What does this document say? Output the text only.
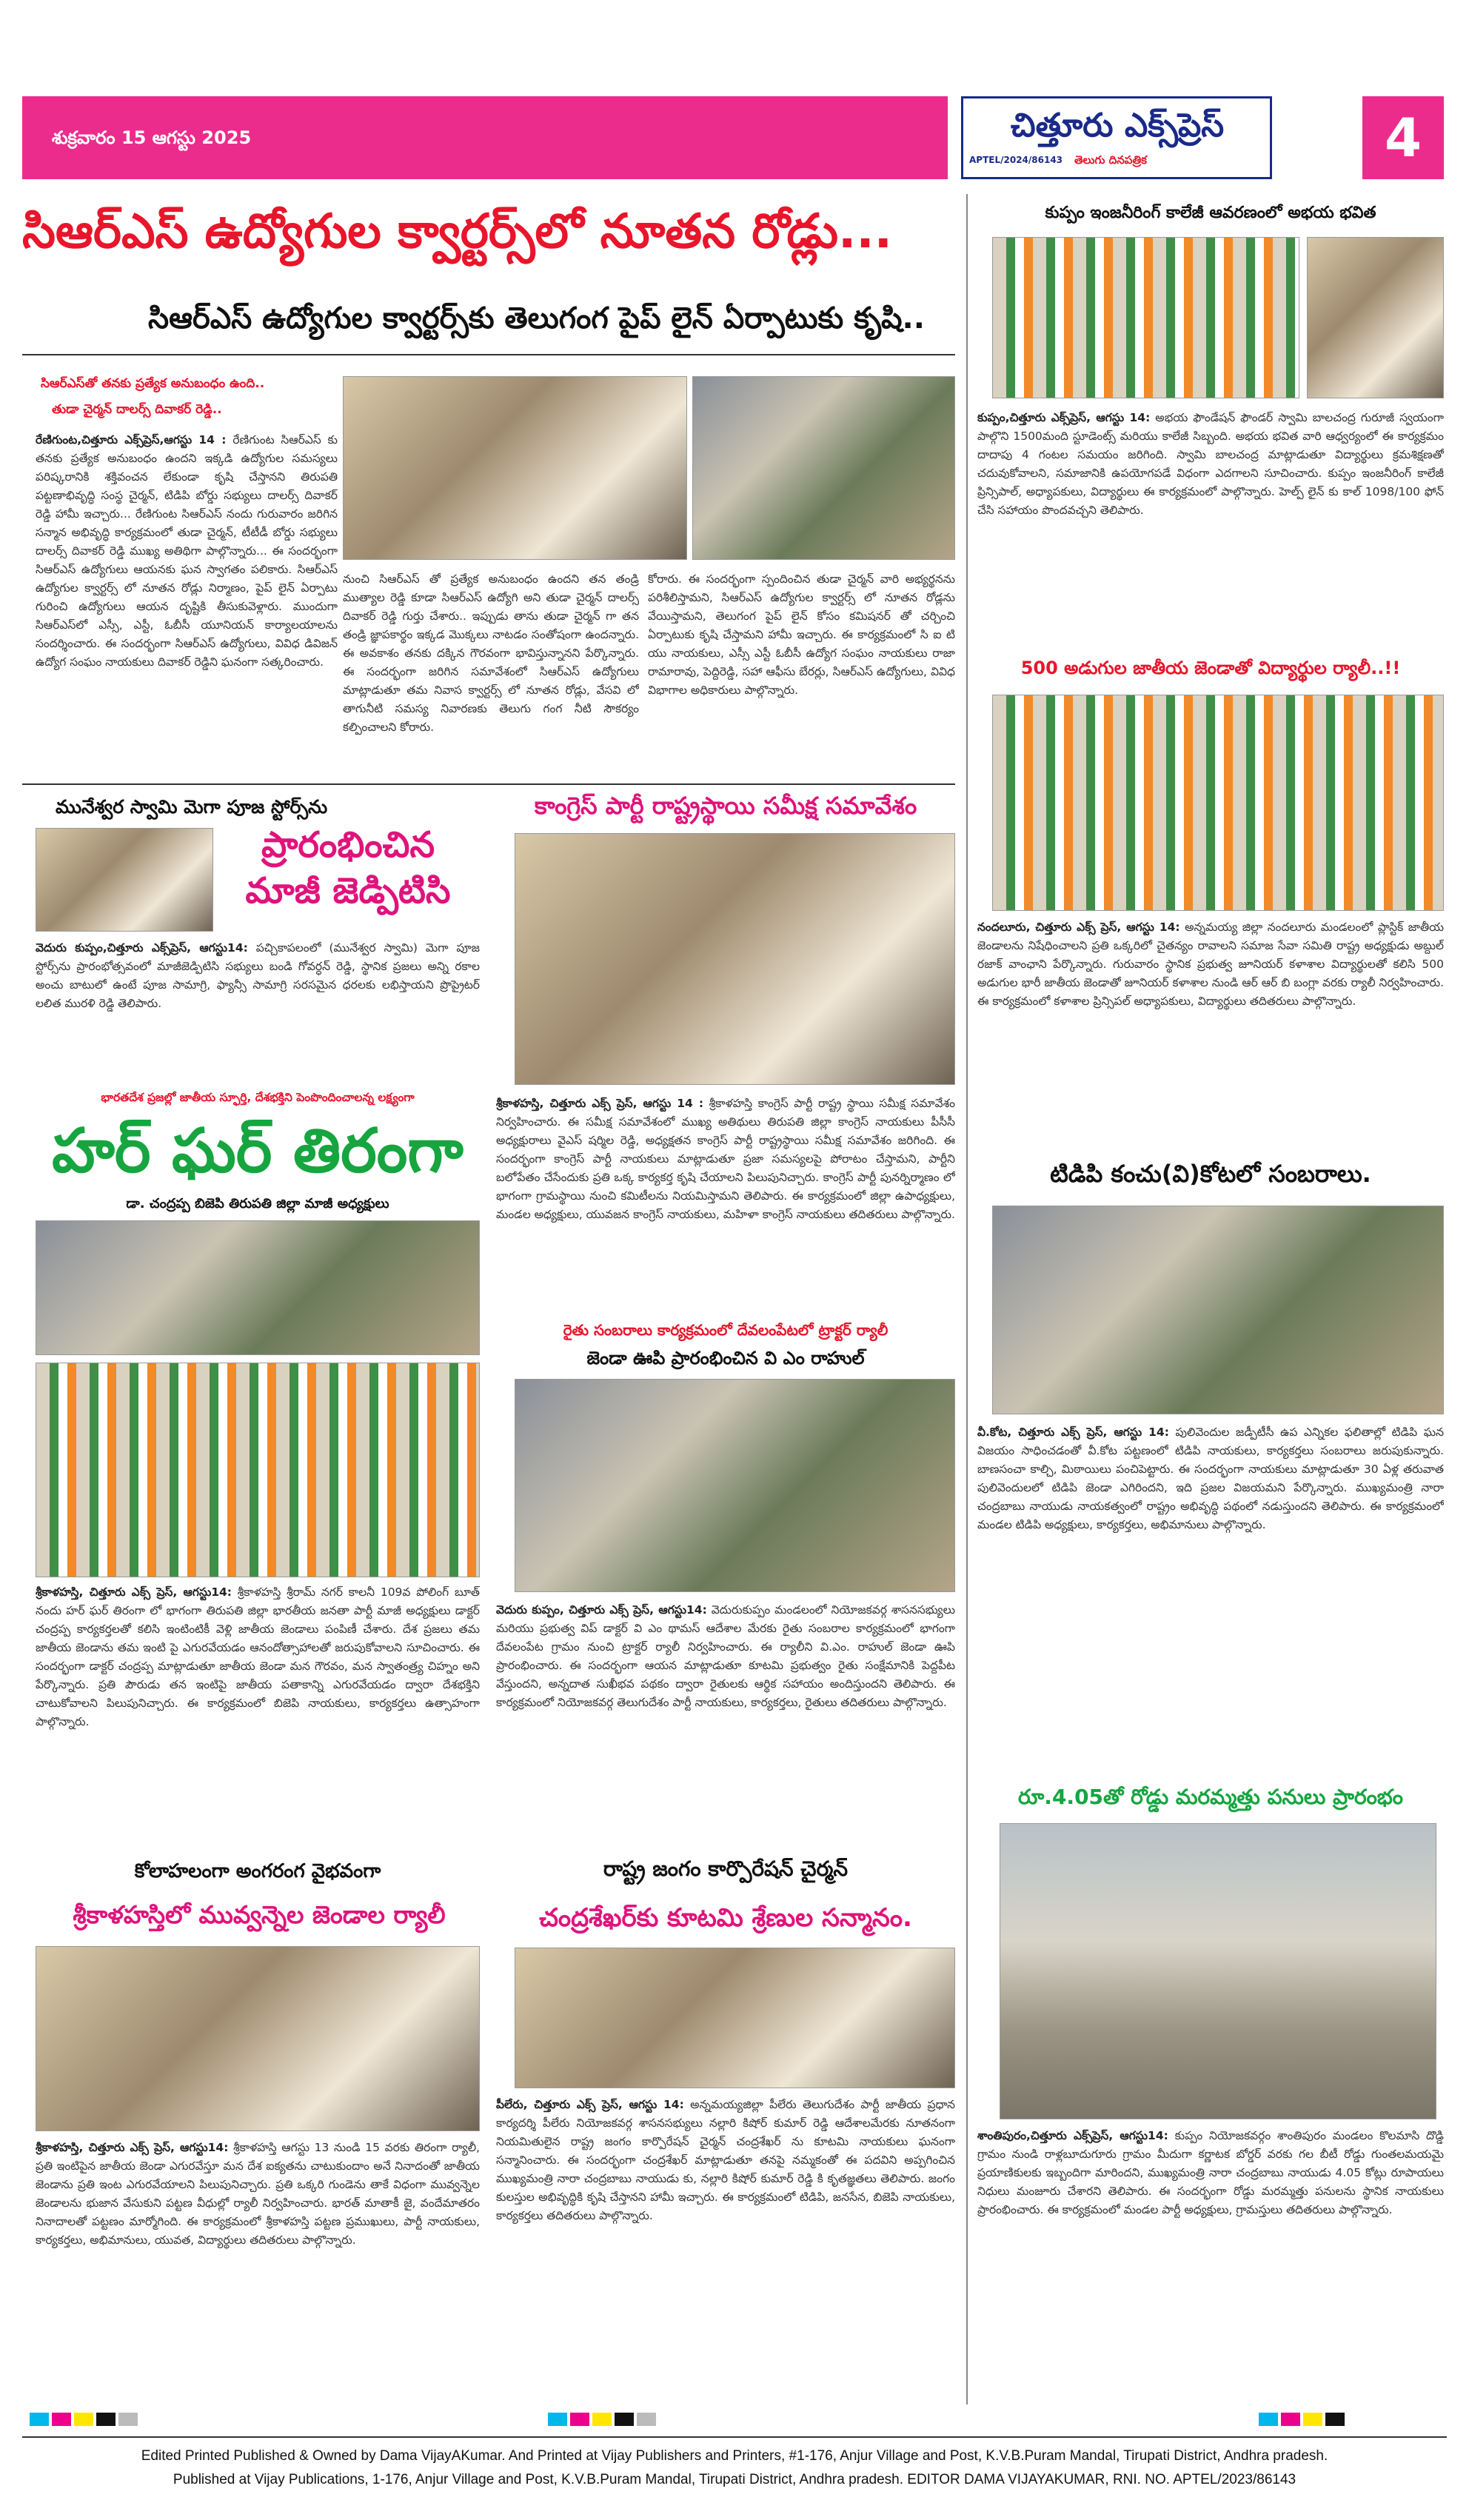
శుక్రవారం 15 ఆగస్టు 2025	చిత్తూరు ఎక్స్‌ప్రెస్
APTEL/2024/86143 తెలుగు దినపత్రిక	4
సిఆర్ఎస్ ఉద్యోగుల క్వార్టర్స్‌లో నూతన రోడ్లు...
సిఆర్ఎస్ ఉద్యోగుల క్వార్టర్స్‌కు తెలుగంగ పైప్ లైన్ ఏర్పాటుకు కృషి..
సిఆర్ఎస్‌తో తనకు ప్రత్యేక అనుబంధం ఉంది..
తుడా చైర్మన్ దాలర్స్ దివాకర్ రెడ్డి..
రేణిగుంట,చిత్తూరు ఎక్స్‌ప్రెస్,ఆగస్టు 14 : రేణిగుంట సిఆర్ఎస్ కు తనకు ప్రత్యేక అనుబంధం ఉందని ఇక్కడి ఉద్యోగుల సమస్యలు పరిష్కరానికి శక్తివంచన లేకుండా కృషి చేస్తానని తిరుపతి పట్టణాభివృద్ధి సంస్థ చైర్మన్, టిడిపి బోర్డు సభ్యులు దాలర్స్ దివాకర్ రెడ్డి హామీ ఇచ్చారు... రేణిగుంట సిఆర్ఎస్ నందు గురువారం జరిగిన సన్మాన అభివృద్ధి కార్యక్రమంలో తుడా చైర్మన్, టీటీడీ బోర్డు సభ్యులు దాలర్స్ దివాకర్ రెడ్డి ముఖ్య అతిథిగా పాల్గొన్నారు... ఈ సందర్భంగా సిఆర్ఎస్ ఉద్యోగులు ఆయనకు ఘన స్వాగతం పలికారు. సిఆర్ఎస్ ఉద్యోగుల క్వార్టర్స్ లో నూతన రోడ్లు నిర్మాణం, పైప్ లైన్ ఏర్పాటు గురించి ఉద్యోగులు ఆయన దృష్టికి తీసుకువెళ్లారు. ముందుగా సిఆర్ఎస్‌లో ఎస్సీ, ఎస్టీ, ఓబీసీ యూనియన్ కార్యాలయాలను సందర్శించారు. ఈ సందర్భంగా సిఆర్ఎస్ ఉద్యోగులు, వివిధ డివిజన్ ఉద్యోగ సంఘం నాయకులు దివాకర్ రెడ్డిని ఘనంగా సత్కరించారు.
నుంచి సిఆర్ఎస్ తో ప్రత్యేక అనుబంధం ఉందని తన తండ్రి ముత్యాల రెడ్డి కూడా సిఆర్ఎస్ ఉద్యోగి అని తుడా చైర్మన్ దాలర్స్ దివాకర్ రెడ్డి గుర్తు చేశారు.. ఇప్పుడు తాను తుడా చైర్మన్ గా తన తండ్రి జ్ఞాపకార్థం ఇక్కడ మొక్కలు నాటడం సంతోషంగా ఉందన్నారు. ఈ అవకాశం తనకు దక్కిన గౌరవంగా భావిస్తున్నానని పేర్కొన్నారు. ఈ సందర్భంగా జరిగిన సమావేశంలో సిఆర్ఎస్ ఉద్యోగులు మాట్లాడుతూ తమ నివాస క్వార్టర్స్ లో నూతన రోడ్లు, వేసవి లో తాగునీటి సమస్య నివారణకు తెలుగు గంగ నీటి సౌకర్యం కల్పించాలని కోరారు.
కోరారు. ఈ సందర్భంగా స్పందించిన తుడా చైర్మన్ వారి అభ్యర్థనను పరిశీలిస్తామని, సిఆర్ఎస్ ఉద్యోగుల క్వార్టర్స్ లో నూతన రోడ్లను వేయిస్తామని, తెలుగంగ పైప్ లైన్ కోసం కమిషనర్ తో చర్చించి ఏర్పాటుకు కృషి చేస్తామని హామీ ఇచ్చారు. ఈ కార్యక్రమంలో సి ఐ టి యు నాయకులు, ఎస్సీ ఎస్టీ ఓబీసీ ఉద్యోగ సంఘం నాయకులు రాజా రామారావు, పెద్దిరెడ్డి, సహా ఆఫీసు బేరర్లు, సిఆర్ఎస్ ఉద్యోగులు, వివిధ విభాగాల అధికారులు పాల్గొన్నారు.
మునేశ్వర స్వామి మెగా పూజ స్టోర్స్‌ను
ప్రారంభించిన మాజీ జెడ్పిటిసి
వెదురు కుప్పం,చిత్తూరు ఎక్స్‌ప్రెస్, ఆగస్టు14: పచ్చికాపలంలో (మునేశ్వర స్వామి) మెగా పూజ స్టోర్స్‌ను ప్రారంభోత్సవంలో మాజీజెడ్పిటిసి సభ్యులు బండి గోవర్ధన్ రెడ్డి, స్థానిక ప్రజలు అన్ని రకాల అంచు బాటులో ఉంటే పూజ సామాగ్రి, ఫ్యాన్సీ సామాగ్రి సరసమైన ధరలకు లభిస్తాయని ప్రొప్రైటర్ లలిత మురళి రెడ్డి తెలిపారు.
భారతదేశ ప్రజల్లో జాతీయ స్ఫూర్తి, దేశభక్తిని పెంపొందించాలన్న లక్ష్యంగా
హర్ ఘర్ తిరంగా
డా. చంద్రప్ప బిజెపి తిరుపతి జిల్లా మాజీ అధ్యక్షులు
శ్రీకాళహస్తి, చిత్తూరు ఎక్స్ ప్రెస్, ఆగస్టు14: శ్రీకాళహస్తి శ్రీరామ్ నగర్ కాలనీ 109వ పోలింగ్ బూత్ నందు హర్ ఘర్ తిరంగా లో భాగంగా తిరుపతి జిల్లా భారతీయ జనతా పార్టీ మాజీ అధ్యక్షులు డాక్టర్ చంద్రప్ప కార్యకర్తలతో కలిసి ఇంటింటికీ వెళ్లి జాతీయ జెండాలు పంపిణీ చేశారు. దేశ ప్రజలు తమ జాతీయ జెండాను తమ ఇంటి పై ఎగురవేయడం ఆనందోత్సాహాలతో జరుపుకోవాలని సూచించారు. ఈ సందర్భంగా డాక్టర్ చంద్రప్ప మాట్లాడుతూ జాతీయ జెండా మన గౌరవం, మన స్వాతంత్ర్య చిహ్నం అని పేర్కొన్నారు. ప్రతి పౌరుడు తన ఇంటిపై జాతీయ పతాకాన్ని ఎగురవేయడం ద్వారా దేశభక్తిని చాటుకోవాలని పిలుపునిచ్చారు. ఈ కార్యక్రమంలో బిజెపి నాయకులు, కార్యకర్తలు ఉత్సాహంగా పాల్గొన్నారు.
కోలాహలంగా అంగరంగ వైభవంగా
శ్రీకాళహస్తిలో మువ్వన్నెల జెండాల ర్యాలీ
శ్రీకాళహస్తి, చిత్తూరు ఎక్స్ ప్రెస్, ఆగస్టు14: శ్రీకాళహస్తి ఆగస్టు 13 నుండి 15 వరకు తిరంగా ర్యాలీ, ప్రతి ఇంటిపైన జాతీయ జెండా ఎగురవేస్తూ మన దేశ ఐక్యతను చాటుకుందాం అనే నినాదంతో జాతీయ జెండాను ప్రతి ఇంట ఎగురవేయాలని పిలుపునిచ్చారు. ప్రతి ఒక్కరి గుండెను తాకే విధంగా మువ్వన్నెల జెండాలను భుజాన వేసుకుని పట్టణ వీధుల్లో ర్యాలీ నిర్వహించారు. భారత్ మాతాకీ జై, వందేమాతరం నినాదాలతో పట్టణం మార్మోగింది. ఈ కార్యక్రమంలో శ్రీకాళహస్తి పట్టణ ప్రముఖులు, పార్టీ నాయకులు, కార్యకర్తలు, అభిమానులు, యువత, విద్యార్థులు తదితరులు పాల్గొన్నారు.
కాంగ్రెస్ పార్టీ రాష్ట్రస్థాయి సమీక్ష సమావేశం
శ్రీకాళహస్తి, చిత్తూరు ఎక్స్ ప్రెస్, ఆగస్టు 14 : శ్రీకాళహస్తి కాంగ్రెస్ పార్టీ రాష్ట్ర స్థాయి సమీక్ష సమావేశం నిర్వహించారు. ఈ సమీక్ష సమావేశంలో ముఖ్య అతిథులు తిరుపతి జిల్లా కాంగ్రెస్ నాయకులు పీసీసీ అధ్యక్షురాలు వైఎస్ షర్మిల రెడ్డి, అధ్యక్షతన కాంగ్రెస్ పార్టీ రాష్ట్రస్థాయి సమీక్ష సమావేశం జరిగింది. ఈ సందర్భంగా కాంగ్రెస్ పార్టీ నాయకులు మాట్లాడుతూ ప్రజా సమస్యలపై పోరాటం చేస్తామని, పార్టీని బలోపేతం చేసేందుకు ప్రతి ఒక్క కార్యకర్త కృషి చేయాలని పిలుపునిచ్చారు. కాంగ్రెస్ పార్టీ పునర్నిర్మాణం లో భాగంగా గ్రామస్థాయి నుంచి కమిటీలను నియమిస్తామని తెలిపారు. ఈ కార్యక్రమంలో జిల్లా ఉపాధ్యక్షులు, మండల అధ్యక్షులు, యువజన కాంగ్రెస్ నాయకులు, మహిళా కాంగ్రెస్ నాయకులు తదితరులు పాల్గొన్నారు.
రైతు సంబరాలు కార్యక్రమంలో దేవలంపేటలో ట్రాక్టర్ ర్యాలీ
జెండా ఊపి ప్రారంభించిన వి ఎం రాహుల్
వెదురు కుప్పం, చిత్తూరు ఎక్స్ ప్రెస్, ఆగస్టు14: వెదురుకుప్పం మండలంలో నియోజకవర్గ శాసనసభ్యులు మరియు ప్రభుత్వ విప్ డాక్టర్ వి ఎం థామస్ ఆదేశాల మేరకు రైతు సంబరాల కార్యక్రమంలో భాగంగా దేవలంపేట గ్రామం నుంచి ట్రాక్టర్ ర్యాలీ నిర్వహించారు. ఈ ర్యాలీని వి.ఎం. రాహుల్ జెండా ఊపి ప్రారంభించారు. ఈ సందర్భంగా ఆయన మాట్లాడుతూ కూటమి ప్రభుత్వం రైతు సంక్షేమానికి పెద్దపీట వేస్తుందని, అన్నదాత సుఖీభవ పథకం ద్వారా రైతులకు ఆర్థిక సహాయం అందిస్తుందని తెలిపారు. ఈ కార్యక్రమంలో నియోజకవర్గ తెలుగుదేశం పార్టీ నాయకులు, కార్యకర్తలు, రైతులు తదితరులు పాల్గొన్నారు.
రాష్ట్ర జంగం కార్పొరేషన్ చైర్మన్
చంద్రశేఖర్‌కు కూటమి శ్రేణుల సన్మానం.
పీలేరు, చిత్తూరు ఎక్స్ ప్రెస్, ఆగస్టు 14: అన్నమయ్యజిల్లా పీలేరు తెలుగుదేశం పార్టీ జాతీయ ప్రధాన కార్యదర్శి పీలేరు నియోజకవర్గ శాసనసభ్యులు నల్లారి కిషోర్ కుమార్ రెడ్డి ఆదేశాలమేరకు నూతనంగా నియమితులైన రాష్ట్ర జంగం కార్పొరేషన్ చైర్మన్ చంద్రశేఖర్ ను కూటమి నాయకులు ఘనంగా సన్మానించారు. ఈ సందర్భంగా చంద్రశేఖర్ మాట్లాడుతూ తనపై నమ్మకంతో ఈ పదవిని అప్పగించిన ముఖ్యమంత్రి నారా చంద్రబాబు నాయుడు కు, నల్లారి కిషోర్ కుమార్ రెడ్డి కి కృతజ్ఞతలు తెలిపారు. జంగం కులస్తుల అభివృద్ధికి కృషి చేస్తానని హామీ ఇచ్చారు. ఈ కార్యక్రమంలో టిడిపి, జనసేన, బిజెపి నాయకులు, కార్యకర్తలు తదితరులు పాల్గొన్నారు.
కుప్పం ఇంజనీరింగ్ కాలేజీ ఆవరణంలో అభయ భవిత
కుప్పం,చిత్తూరు ఎక్స్‌ప్రెస్, ఆగస్టు 14: అభయ ఫౌండేషన్ ఫౌండర్ స్వామి బాలచంద్ర గురూజీ స్వయంగా పాల్గొని 1500మంది స్టూడెంట్స్ మరియు కాలేజీ సిబ్బంది. అభయ భవిత వారి ఆధ్వర్యంలో ఈ కార్యక్రమం దాదాపు 4 గంటల సమయం జరిగింది. స్వామి బాలచంద్ర మాట్లాడుతూ విద్యార్థులు క్రమశిక్షణతో చదువుకోవాలని, సమాజానికి ఉపయోగపడే విధంగా ఎదగాలని సూచించారు. కుప్పం ఇంజనీరింగ్ కాలేజీ ప్రిన్సిపాల్, అధ్యాపకులు, విద్యార్థులు ఈ కార్యక్రమంలో పాల్గొన్నారు. హెల్ప్ లైన్ కు కాల్ 1098/100 ఫోన్ చేసి సహాయం పొందవచ్చని తెలిపారు.
500 అడుగుల జాతీయ జెండాతో విద్యార్థుల ర్యాలీ..!!
నందలూరు, చిత్తూరు ఎక్స్ ప్రెస్, ఆగస్టు 14: అన్నమయ్య జిల్లా నందలూరు మండలంలో ప్లాస్టిక్ జాతీయ జెండాలను నిషేధించాలని ప్రతి ఒక్కరిలో చైతన్యం రావాలని సమాజ సేవా సమితి రాష్ట్ర అధ్యక్షుడు అబ్దుల్ రజాక్ వాంఛాని పేర్కొన్నారు. గురువారం స్థానిక ప్రభుత్వ జూనియర్ కళాశాల విద్యార్థులతో కలిసి 500 అడుగుల భారీ జాతీయ జెండాతో జూనియర్ కళాశాల నుండి ఆర్ ఆర్ బి బంగ్లా వరకు ర్యాలీ నిర్వహించారు. ఈ కార్యక్రమంలో కళాశాల ప్రిన్సిపల్ అధ్యాపకులు, విద్యార్థులు తదితరులు పాల్గొన్నారు.
టిడిపి కంచు(వి)కోటలో సంబరాలు.
వీ.కోట, చిత్తూరు ఎక్స్ ప్రెస్, ఆగస్టు 14: పులివెందుల జడ్పీటీసీ ఉప ఎన్నికల ఫలితాల్లో టిడిపి ఘన విజయం సాధించడంతో వీ.కోట పట్టణంలో టిడిపి నాయకులు, కార్యకర్తలు సంబరాలు జరుపుకున్నారు. బాణసంచా కాల్చి, మిఠాయిలు పంచిపెట్టారు. ఈ సందర్భంగా నాయకులు మాట్లాడుతూ 30 ఏళ్ల తరువాత పులివెందులలో టిడిపి జెండా ఎగిరిందని, ఇది ప్రజల విజయమని పేర్కొన్నారు. ముఖ్యమంత్రి నారా చంద్రబాబు నాయుడు నాయకత్వంలో రాష్ట్రం అభివృద్ధి పథంలో నడుస్తుందని తెలిపారు. ఈ కార్యక్రమంలో మండల టిడిపి అధ్యక్షులు, కార్యకర్తలు, అభిమానులు పాల్గొన్నారు.
రూ.4.05తో రోడ్డు మరమ్మత్తు పనులు ప్రారంభం
శాంతిపురం,చిత్తూరు ఎక్స్‌ప్రెస్, ఆగస్టు14: కుప్పం నియోజకవర్గం శాంతిపురం మండలం కొలమాసి దొడ్డి గ్రామం నుండి రాళ్లబూదుగూరు గ్రామం మీదుగా కర్ణాటక బోర్డర్ వరకు గల బీటీ రోడ్డు గుంతలమయమై ప్రయాణికులకు ఇబ్బందిగా మారిందని, ముఖ్యమంత్రి నారా చంద్రబాబు నాయుడు 4.05 కోట్లు రూపాయలు నిధులు మంజూరు చేశారని తెలిపారు. ఈ సందర్భంగా రోడ్డు మరమ్మత్తు పనులను స్థానిక నాయకులు ప్రారంభించారు. ఈ కార్యక్రమంలో మండల పార్టీ అధ్యక్షులు, గ్రామస్తులు తదితరులు పాల్గొన్నారు.
Edited Printed Published & Owned by Dama VijayAKumar. And Printed at Vijay Publishers and Printers, #1-176, Anjur Village and Post, K.V.B.Puram Mandal, Tirupati District, Andhra pradesh.
Published at Vijay Publications, 1-176, Anjur Village and Post, K.V.B.Puram Mandal, Tirupati District, Andhra pradesh. EDITOR DAMA VIJAYAKUMAR, RNI. NO. APTEL/2023/86143
